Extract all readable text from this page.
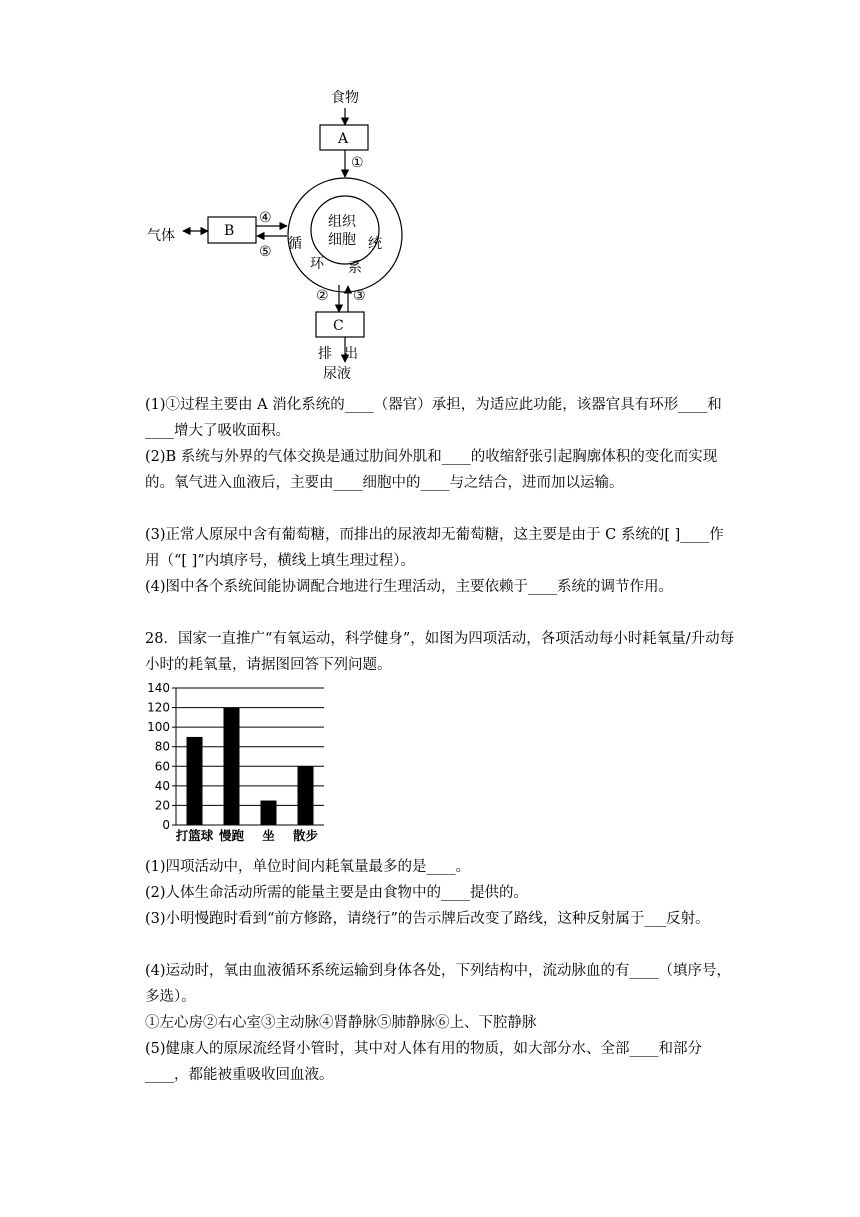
食物
A
①
组织
细胞
循
环 系
统
B
④
⑤
气体
② ③
C
排 出
尿液

(1)①过程主要由 A 消化系统的____（器官）承担，为适应此功能，该器官具有环形____和____增大了吸收面积。

(2)B 系统与外界的气体交换是通过肋间外肌和____的收缩舒张引起胸廓体积的变化而实现的。氧气进入血液后，主要由____细胞中的____与之结合，进而加以运输。

(3)正常人原尿中含有葡萄糖，而排出的尿液却无葡萄糖，这主要是由于 C 系统的[ ]____作用（“[ ]”内填序号，横线上填生理过程）。

(4)图中各个系统间能协调配合地进行生理活动，主要依赖于____系统的调节作用。

28．国家一直推广“有氧运动，科学健身”，如图为四项活动，各项活动每小时耗氧量/升动每小时的耗氧量，请据图回答下列问题。

0
20
40
60
80
100
120
140
打篮球 慢跑 坐 散步

(1)四项活动中，单位时间内耗氧量最多的是____。

(2)人体生命活动所需的能量主要是由食物中的____提供的。

(3)小明慢跑时看到“前方修路，请绕行”的告示牌后改变了路线，这种反射属于___反射。

(4)运动时，氧由血液循环系统运输到身体各处，下列结构中，流动脉血的有____（填序号，多选）。

①左心房②右心室③主动脉④肾静脉⑤肺静脉⑥上、下腔静脉

(5)健康人的原尿流经肾小管时，其中对人体有用的物质，如大部分水、全部____和部分____，都能被重吸收回血液。
